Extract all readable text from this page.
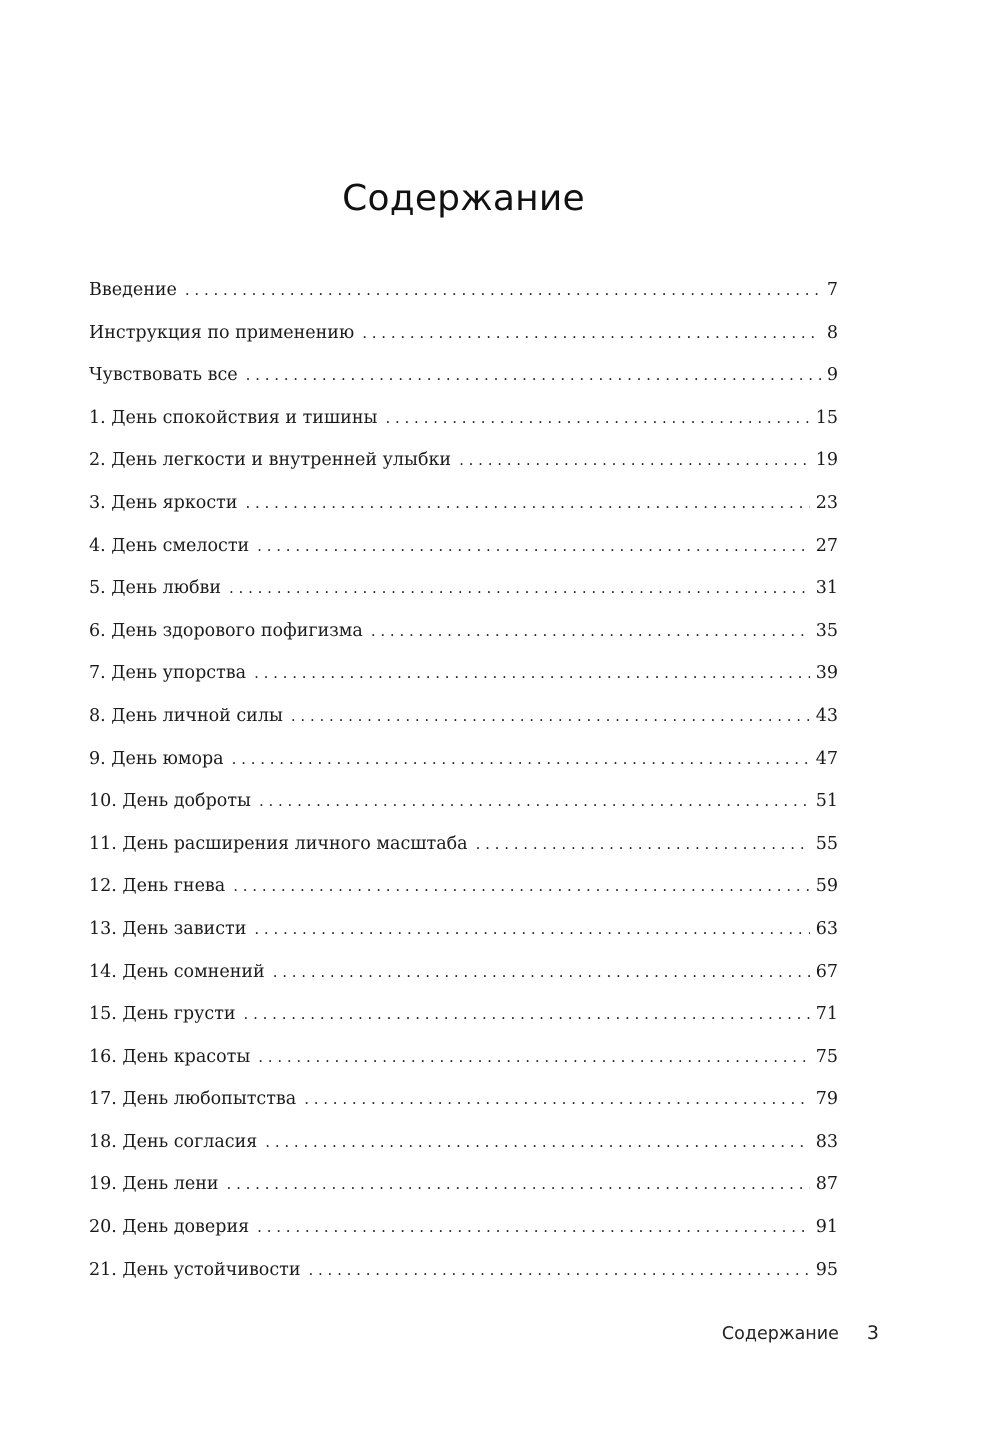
Содержание
Введение . . .	7
Инструкция по применению . . .	8
Чувствовать все . . .	9
1. День спокойствия и тишины . . .	15
2. День легкости и внутренней улыбки . . .	19
3. День яркости . . .	23
4. День смелости . . .	27
5. День любви . . .	31
6. День здорового пофигизма . . .	35
7. День упорства . . .	39
8. День личной силы . . .	43
9. День юмора . . .	47
10. День доброты . . .	51
11. День расширения личного масштаба . . .	55
12. День гнева . . .	59
13. День зависти . . .	63
14. День сомнений . . .	67
15. День грусти . . .	71
16. День красоты . . .	75
17. День любопытства . . .	79
18. День согласия . . .	83
19. День лени . . .	87
20. День доверия . . .	91
21. День устойчивости . . .	95
Содержание 3
